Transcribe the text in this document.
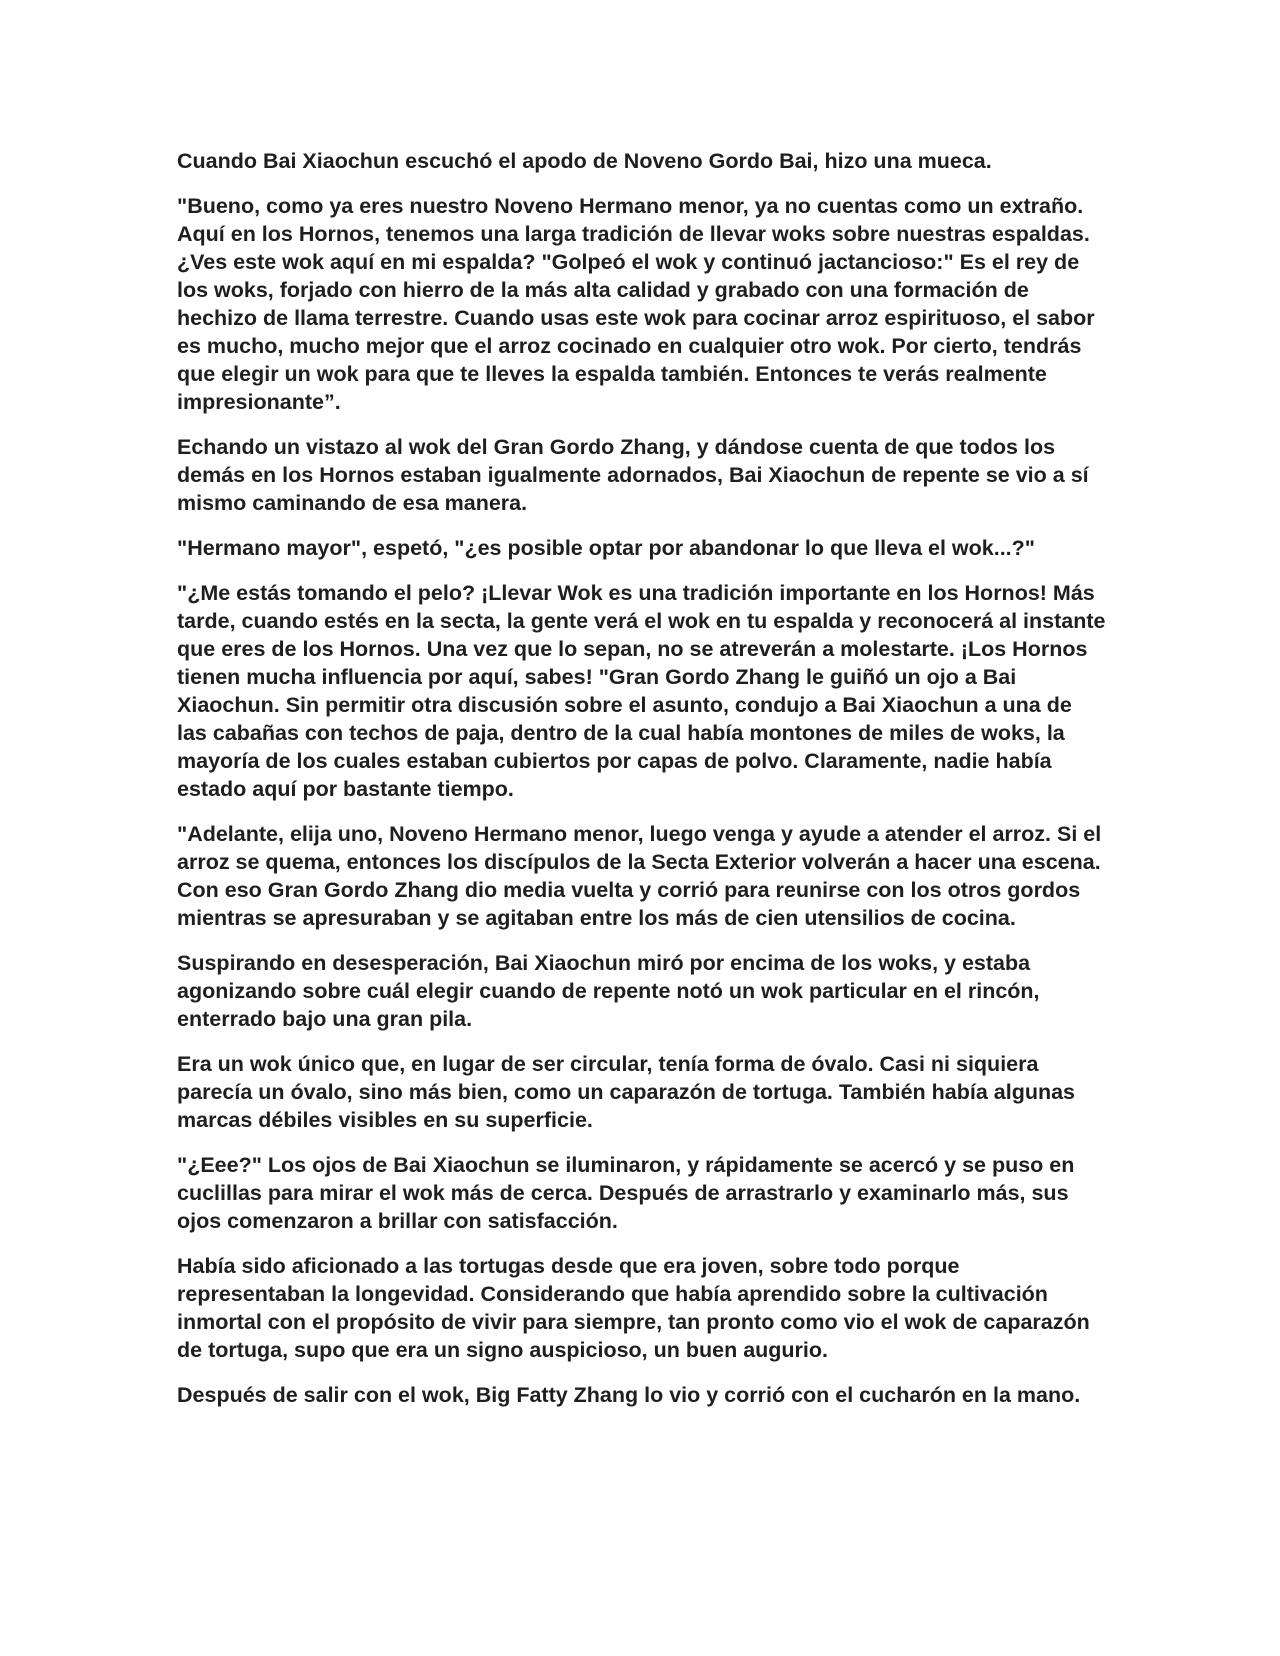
Cuando Bai Xiaochun escuchó el apodo de Noveno Gordo Bai, hizo una mueca.

"Bueno, como ya eres nuestro Noveno Hermano menor, ya no cuentas como un extraño. Aquí en los Hornos, tenemos una larga tradición de llevar woks sobre nuestras espaldas. ¿Ves este wok aquí en mi espalda? "Golpeó el wok y continuó jactancioso:" Es el rey de los woks, forjado con hierro de la más alta calidad y grabado con una formación de hechizo de llama terrestre. Cuando usas este wok para cocinar arroz espirituoso, el sabor es mucho, mucho mejor que el arroz cocinado en cualquier otro wok. Por cierto, tendrás que elegir un wok para que te lleves la espalda también. Entonces te verás realmente impresionante”.

Echando un vistazo al wok del Gran Gordo Zhang, y dándose cuenta de que todos los demás en los Hornos estaban igualmente adornados, Bai Xiaochun de repente se vio a sí mismo caminando de esa manera.

"Hermano mayor", espetó, "¿es posible optar por abandonar lo que lleva el wok...?"

"¿Me estás tomando el pelo? ¡Llevar Wok es una tradición importante en los Hornos! Más tarde, cuando estés en la secta, la gente verá el wok en tu espalda y reconocerá al instante que eres de los Hornos. Una vez que lo sepan, no se atreverán a molestarte. ¡Los Hornos tienen mucha influencia por aquí, sabes! "Gran Gordo Zhang le guiñó un ojo a Bai Xiaochun. Sin permitir otra discusión sobre el asunto, condujo a Bai Xiaochun a una de las cabañas con techos de paja, dentro de la cual había montones de miles de woks, la mayoría de los cuales estaban cubiertos por capas de polvo. Claramente, nadie había estado aquí por bastante tiempo.

"Adelante, elija uno, Noveno Hermano menor, luego venga y ayude a atender el arroz. Si el arroz se quema, entonces los discípulos de la Secta Exterior volverán a hacer una escena. Con eso Gran Gordo Zhang dio media vuelta y corrió para reunirse con los otros gordos mientras se apresuraban y se agitaban entre los más de cien utensilios de cocina.

Suspirando en desesperación, Bai Xiaochun miró por encima de los woks, y estaba agonizando sobre cuál elegir cuando de repente notó un wok particular en el rincón, enterrado bajo una gran pila.

Era un wok único que, en lugar de ser circular, tenía forma de óvalo. Casi ni siquiera parecía un óvalo, sino más bien, como un caparazón de tortuga. También había algunas marcas débiles visibles en su superficie.

"¿Eee?" Los ojos de Bai Xiaochun se iluminaron, y rápidamente se acercó y se puso en cuclillas para mirar el wok más de cerca. Después de arrastrarlo y examinarlo más, sus ojos comenzaron a brillar con satisfacción.

Había sido aficionado a las tortugas desde que era joven, sobre todo porque representaban la longevidad. Considerando que había aprendido sobre la cultivación inmortal con el propósito de vivir para siempre, tan pronto como vio el wok de caparazón de tortuga, supo que era un signo auspicioso, un buen augurio.

Después de salir con el wok, Big Fatty Zhang lo vio y corrió con el cucharón en la mano.
